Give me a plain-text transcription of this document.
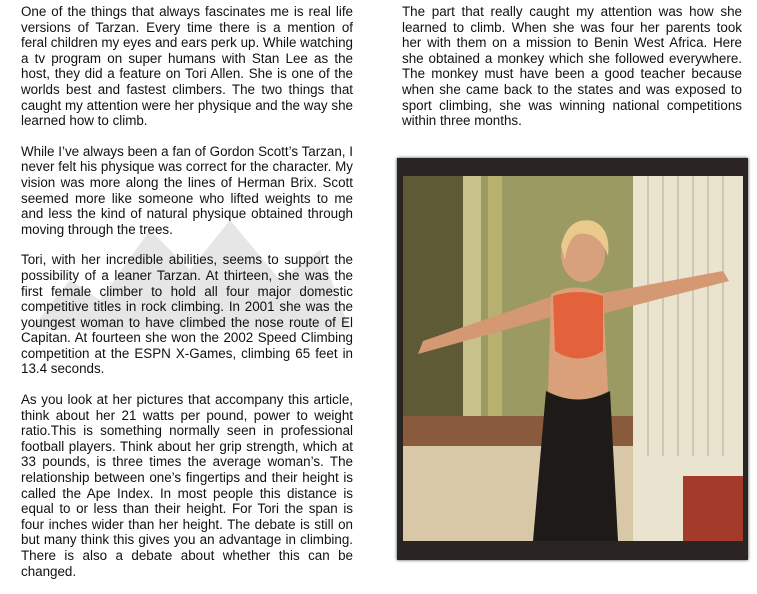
One of the things that always fascinates me is real life versions of Tarzan. Every time there is a mention of feral children my eyes and ears perk up. While watching a tv program on super humans with Stan Lee as the host, they did a feature on Tori Allen. She is one of the worlds best and fastest climbers. The two things that caught my attention were her physique and the way she learned how to climb.

While I’ve always been a fan of Gordon Scott’s Tarzan, I never felt his physique was correct for the character. My vision was more along the lines of Herman Brix. Scott seemed more like someone who lifted weights to me and less the kind of natural physique obtained through moving through the trees.

Tori, with her incredible abilities, seems to support the possibility of a leaner Tarzan. At thirteen, she was the first female climber to hold all four major domestic competitive titles in rock climbing. In 2001 she was the youngest woman to have climbed the nose route of El Capitan. At fourteen she won the 2002 Speed Climbing competition at the ESPN X-Games, climbing 65 feet in 13.4 seconds.

As you look at her pictures that accompany this article, think about her 21 watts per pound, power to weight ratio.This is something normally seen in professional football players. Think about her grip strength, which at 33 pounds, is three times the average woman’s. The relationship between one’s fingertips and their height is called the Ape Index. In most people this distance is equal to or less than their height. For Tori the span is four inches wider than her height. The debate is still on but many think this gives you an advantage in climbing. There is also a debate about whether this can be changed.

The part that really caught my attention was how she learned to climb. When she was four her parents took her with them on a mission to Benin West Africa. Here she obtained a monkey which she followed everywhere. The monkey must have been a good teacher because when she came back to the states and was exposed to sport climbing, she was winning national competitions within three months.
